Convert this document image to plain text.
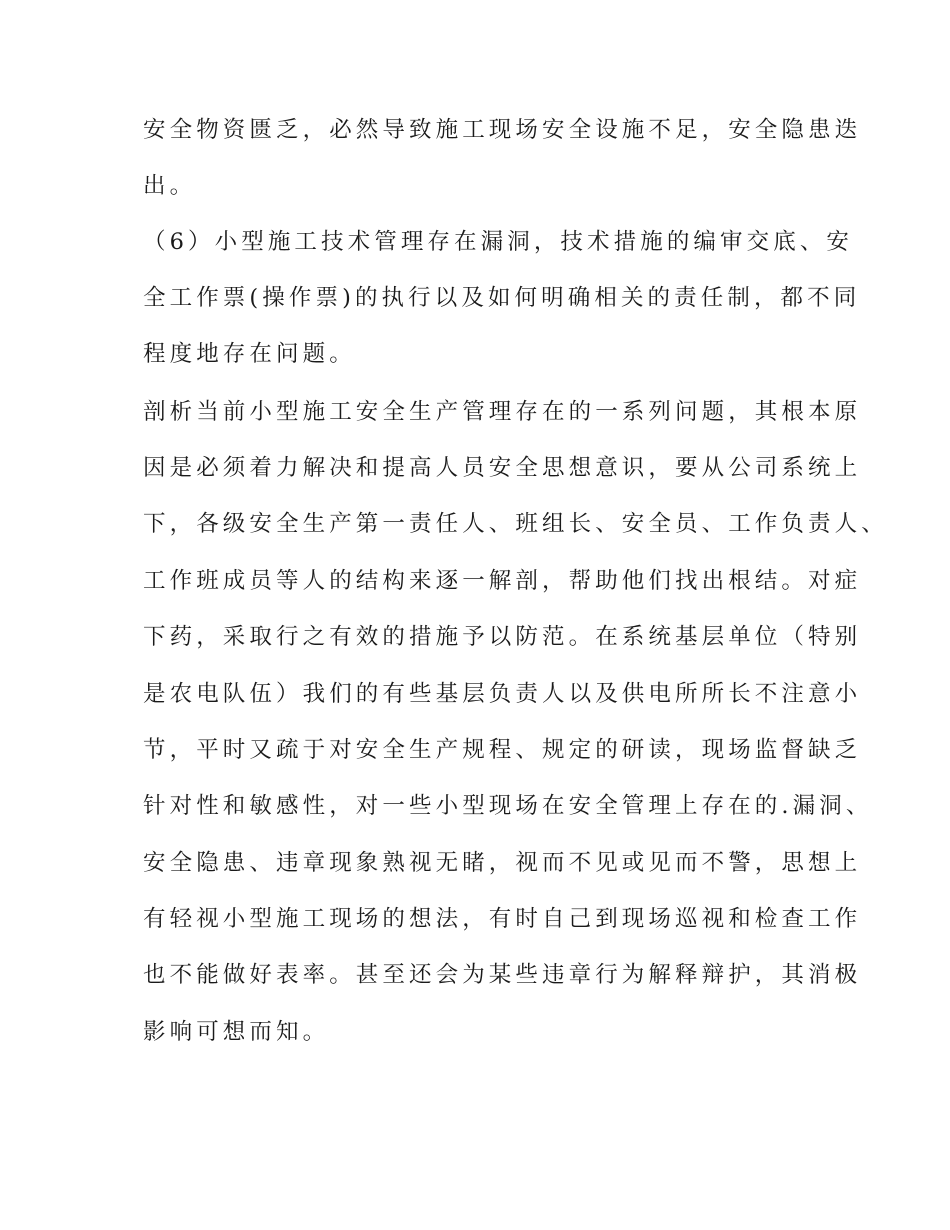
安全物资匮乏，必然导致施工现场安全设施不足，安全隐患迭
出。
（6）小型施工技术管理存在漏洞，技术措施的编审交底、安
全工作票(操作票)的执行以及如何明确相关的责任制，都不同
程度地存在问题。
剖析当前小型施工安全生产管理存在的一系列问题，其根本原
因是必须着力解决和提高人员安全思想意识，要从公司系统上
下，各级安全生产第一责任人、班组长、安全员、工作负责人、
工作班成员等人的结构来逐一解剖，帮助他们找出根结。对症
下药，采取行之有效的措施予以防范。在系统基层单位（特别
是农电队伍）我们的有些基层负责人以及供电所所长不注意小
节，平时又疏于对安全生产规程、规定的研读，现场监督缺乏
针对性和敏感性，对一些小型现场在安全管理上存在的.漏洞、
安全隐患、违章现象熟视无睹，视而不见或见而不警，思想上
有轻视小型施工现场的想法，有时自己到现场巡视和检查工作
也不能做好表率。甚至还会为某些违章行为解释辩护，其消极
影响可想而知。
